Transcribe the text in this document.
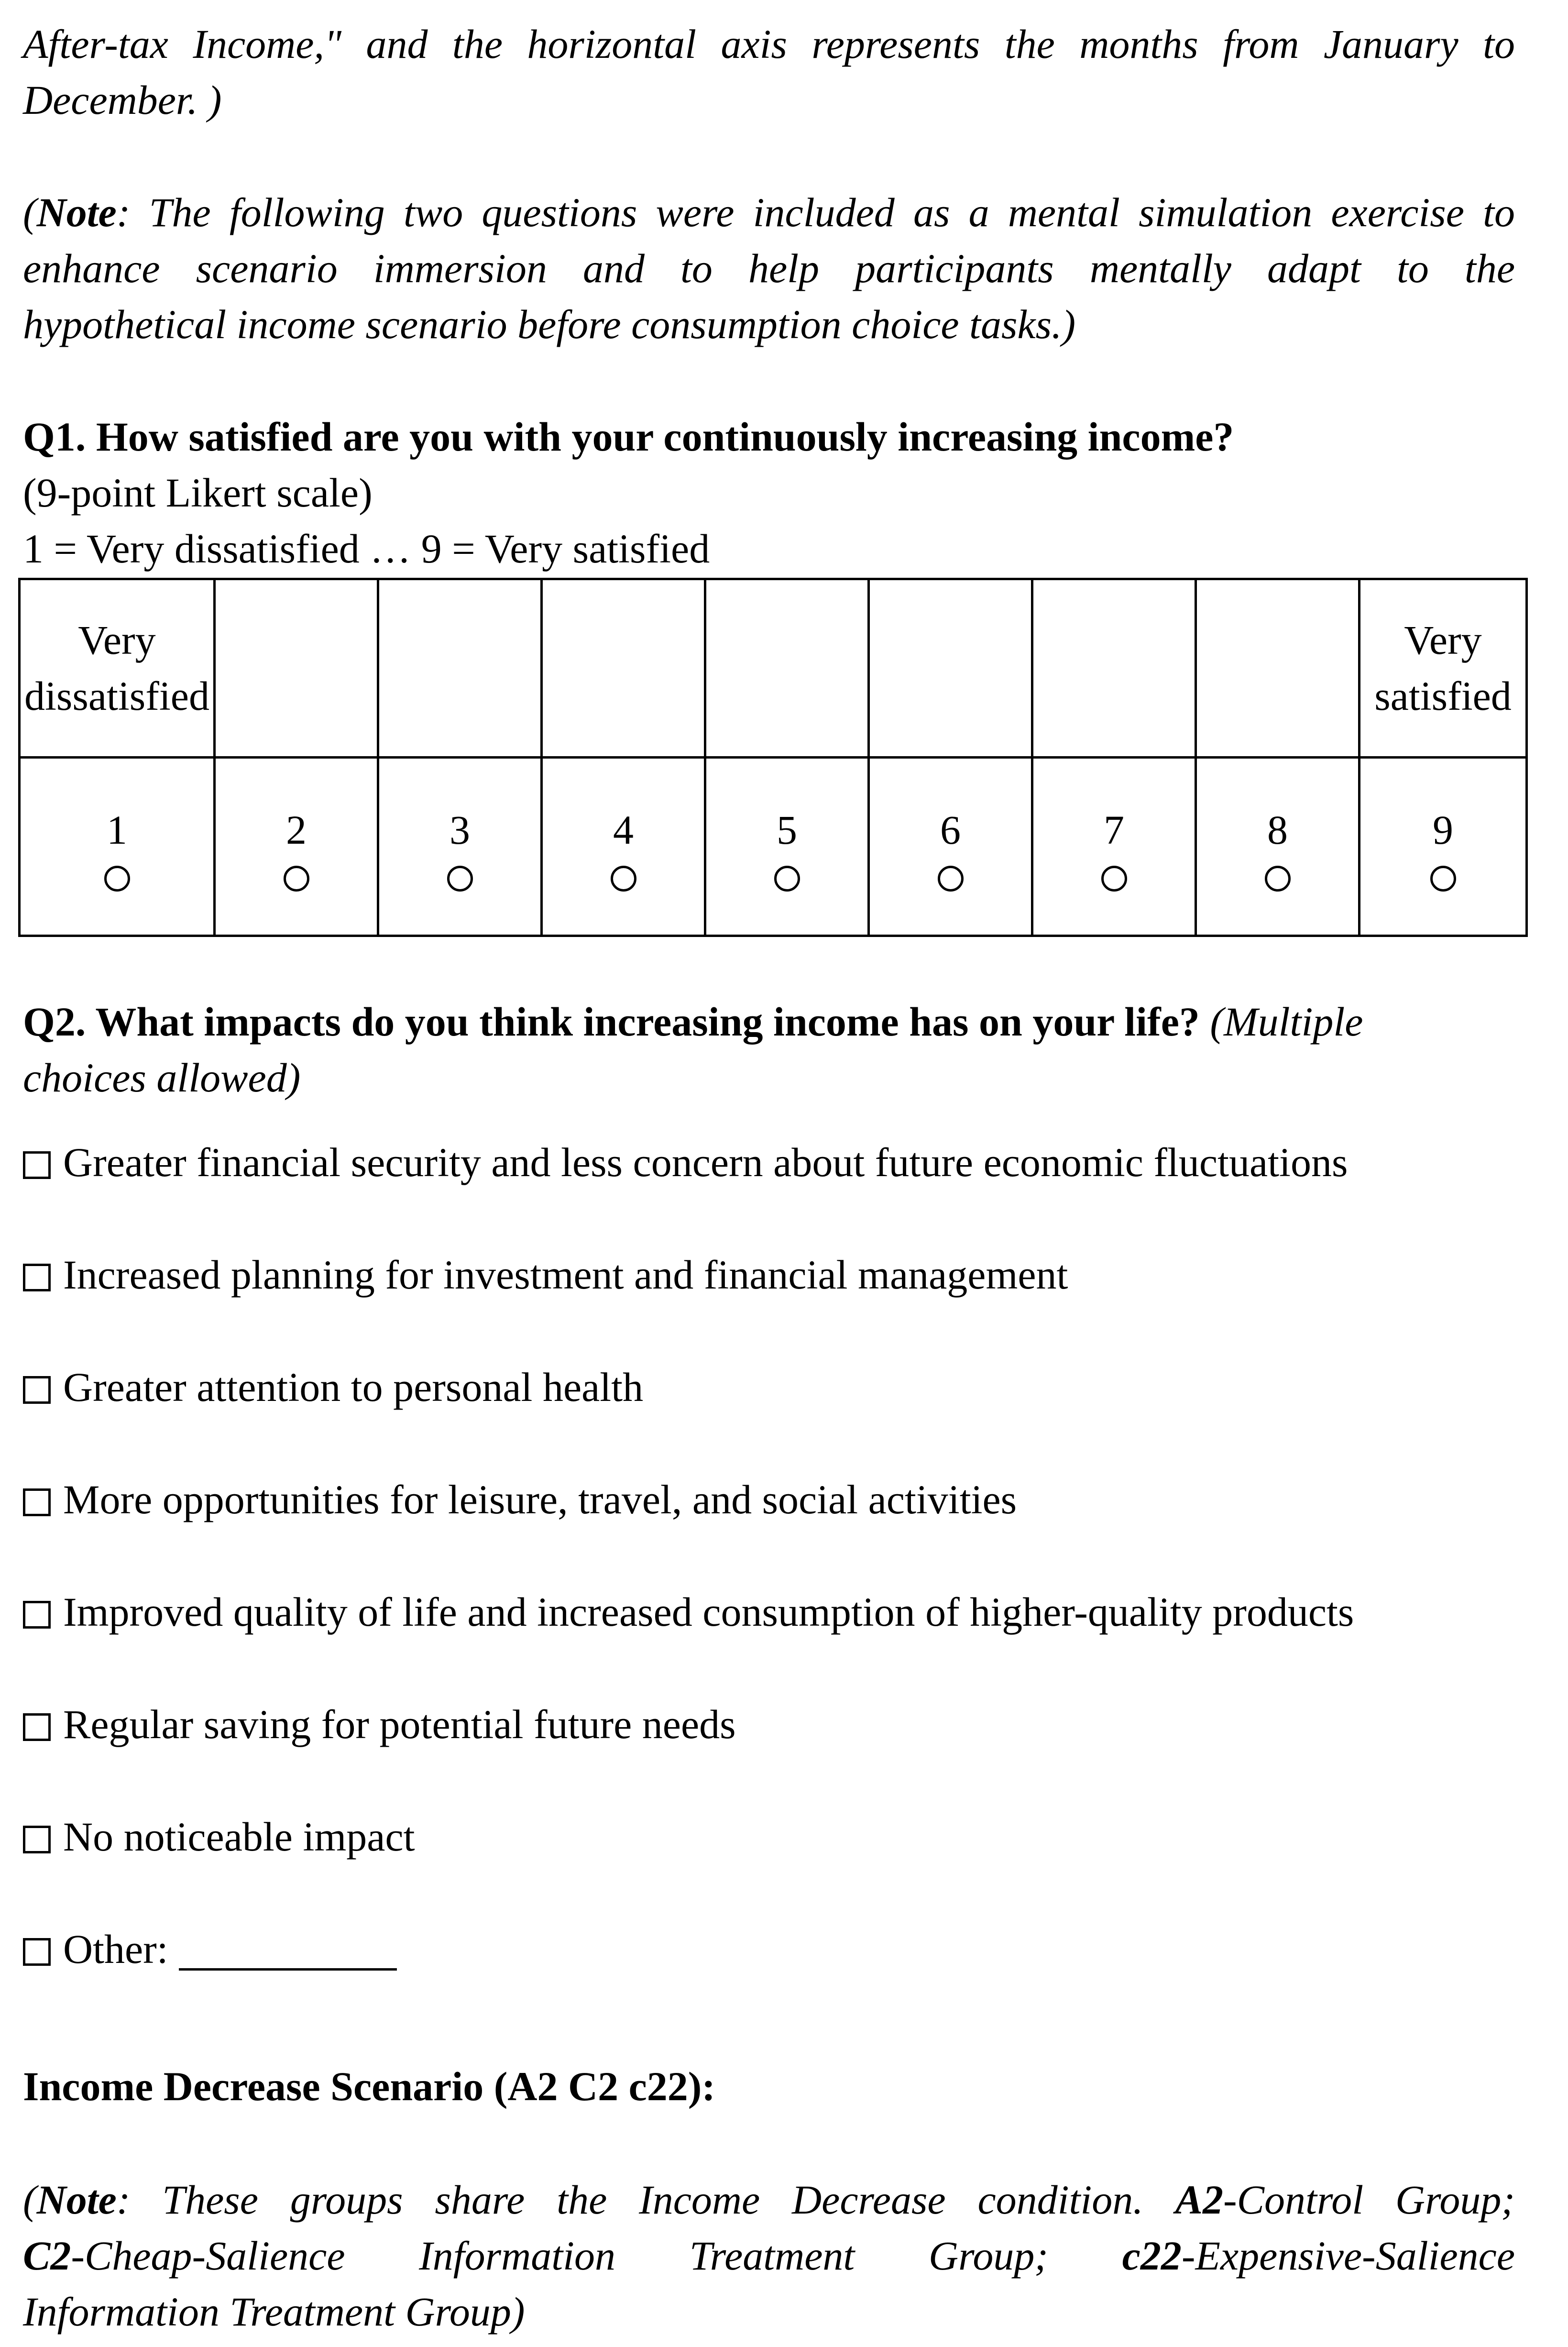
After-tax Income," and the horizontal axis represents the months from January to

December. )

(Note: The following two questions were included as a mental simulation exercise to

enhance scenario immersion and to help participants mentally adapt to the

hypothetical income scenario before consumption choice tasks.)

Q1. How satisfied are you with your continuously increasing income?

(9-point Likert scale)

1 = Very dissatisfied … 9 = Very satisfied

Very
dissatisfied								Very
satisfied

1	2	3	4	5	6	7	8	9

Q2. What impacts do you think increasing income has on your life? (Multiple

choices allowed)

Greater financial security and less concern about future economic fluctuations
Increased planning for investment and financial management
Greater attention to personal health
More opportunities for leisure, travel, and social activities
Improved quality of life and increased consumption of higher-quality products
Regular saving for potential future needs
No noticeable impact
Other:

Income Decrease Scenario (A2 C2 c22):

(Note: These groups share the Income Decrease condition. A2-Control Group;

C2-Cheap-Salience Information Treatment Group; c22-Expensive-Salience

Information Treatment Group)
